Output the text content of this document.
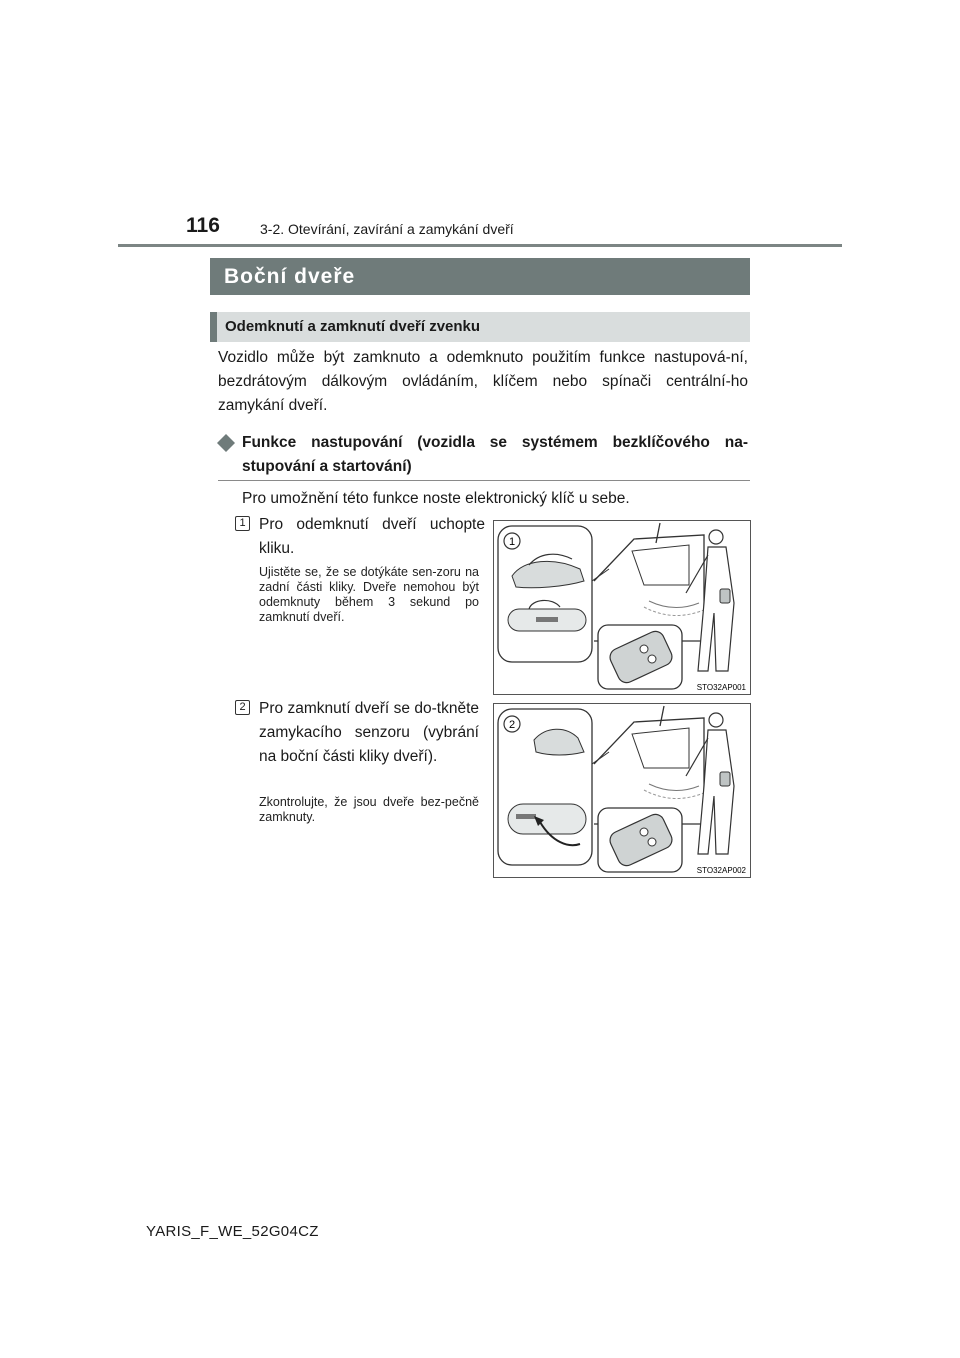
116	3-2. Otevírání, zavírání a zamykání dveří
Boční dveře
Odemknutí a zamknutí dveří zvenku
Vozidlo může být zamknuto a odemknuto použitím funkce nastupová-ní, bezdrátovým dálkovým ovládáním, klíčem nebo spínači centrální-ho zamykání dveří.
Funkce nastupování (vozidla se systémem bezklíčového na-stupování a startování)
Pro umožnění této funkce noste elektronický klíč u sebe.
1 Pro odemknutí dveří uchopte kliku.
Ujistěte se, že se dotýkáte sen-zoru na zadní části kliky. Dveře nemohou být odemknuty během 3 sekund po zamknutí dveří.
1
STO32AP001
2 Pro zamknutí dveří se do-tkněte zamykacího senzoru (vybrání na boční části kliky dveří).
Zkontrolujte, že jsou dveře bez-pečně zamknuty.
2
STO32AP002
YARIS_F_WE_52G04CZ
